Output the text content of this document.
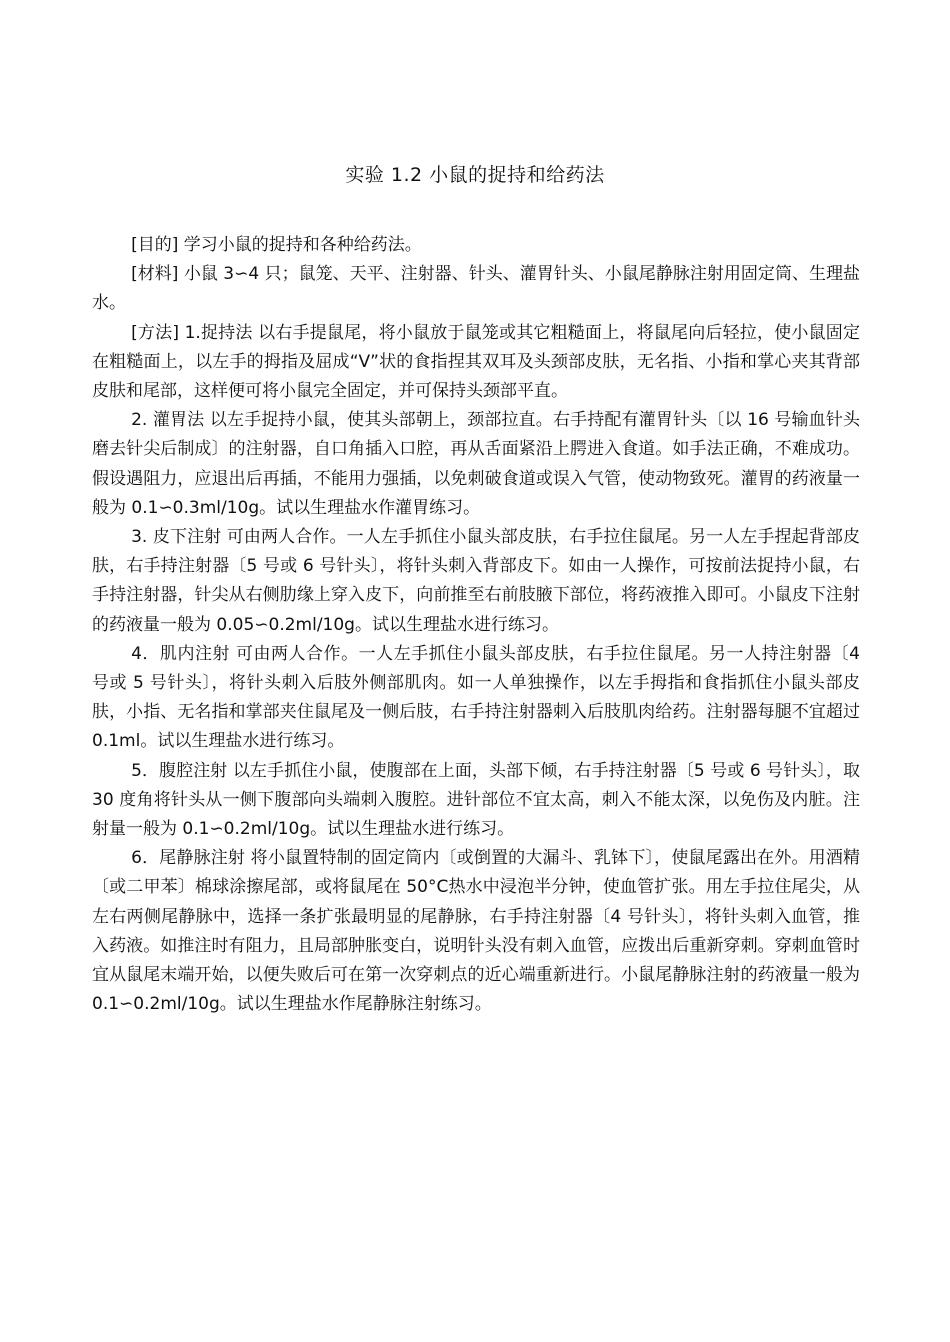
实验 1.2 小鼠的捉持和给药法

[目的] 学习小鼠的捉持和各种给药法。

[材料] 小鼠 3∽4 只；鼠笼、天平、注射器、针头、灌胃针头、小鼠尾静脉注射用固定筒、生理盐水。

[方法] 1.捉持法 以右手提鼠尾，将小鼠放于鼠笼或其它粗糙面上，将鼠尾向后轻拉，使小鼠固定在粗糙面上，以左手的拇指及屈成“V”状的食指捏其双耳及头颈部皮肤，无名指、小指和掌心夹其背部皮肤和尾部，这样便可将小鼠完全固定，并可保持头颈部平直。

2. 灌胃法 以左手捉持小鼠，使其头部朝上，颈部拉直。右手持配有灌胃针头〔以 16 号输血针头磨去针尖后制成〕的注射器，自口角插入口腔，再从舌面紧沿上腭进入食道。如手法正确，不难成功。假设遇阻力，应退出后再插，不能用力强插，以免刺破食道或误入气管，使动物致死。灌胃的药液量一般为 0.1∽0.3ml/10g。试以生理盐水作灌胃练习。

3. 皮下注射 可由两人合作。一人左手抓住小鼠头部皮肤，右手拉住鼠尾。另一人左手捏起背部皮肤，右手持注射器〔5 号或 6 号针头〕，将针头刺入背部皮下。如由一人操作，可按前法捉持小鼠，右手持注射器，针尖从右侧肋缘上穿入皮下，向前推至右前肢腋下部位，将药液推入即可。小鼠皮下注射的药液量一般为 0.05∽0.2ml/10g。试以生理盐水进行练习。

4．肌内注射 可由两人合作。一人左手抓住小鼠头部皮肤，右手拉住鼠尾。另一人持注射器〔4 号或 5 号针头〕，将针头刺入后肢外侧部肌肉。如一人单独操作，以左手拇指和食指抓住小鼠头部皮肤，小指、无名指和掌部夹住鼠尾及一侧后肢，右手持注射器刺入后肢肌肉给药。注射器每腿不宜超过 0.1ml。试以生理盐水进行练习。

5．腹腔注射 以左手抓住小鼠，使腹部在上面，头部下倾，右手持注射器〔5 号或 6 号针头〕，取 30 度角将针头从一侧下腹部向头端刺入腹腔。进针部位不宜太高，刺入不能太深，以免伤及内脏。注射量一般为 0.1∽0.2ml/10g。试以生理盐水进行练习。

6．尾静脉注射 将小鼠置特制的固定筒内〔或倒置的大漏斗、乳钵下〕，使鼠尾露出在外。用酒精〔或二甲苯〕棉球涂擦尾部，或将鼠尾在 50°C热水中浸泡半分钟，使血管扩张。用左手拉住尾尖，从左右两侧尾静脉中，选择一条扩张最明显的尾静脉，右手持注射器〔4 号针头〕，将针头刺入血管，推入药液。如推注时有阻力，且局部肿胀变白，说明针头没有刺入血管，应拨出后重新穿刺。穿刺血管时宜从鼠尾末端开始，以便失败后可在第一次穿刺点的近心端重新进行。小鼠尾静脉注射的药液量一般为 0.1∽0.2ml/10g。试以生理盐水作尾静脉注射练习。
